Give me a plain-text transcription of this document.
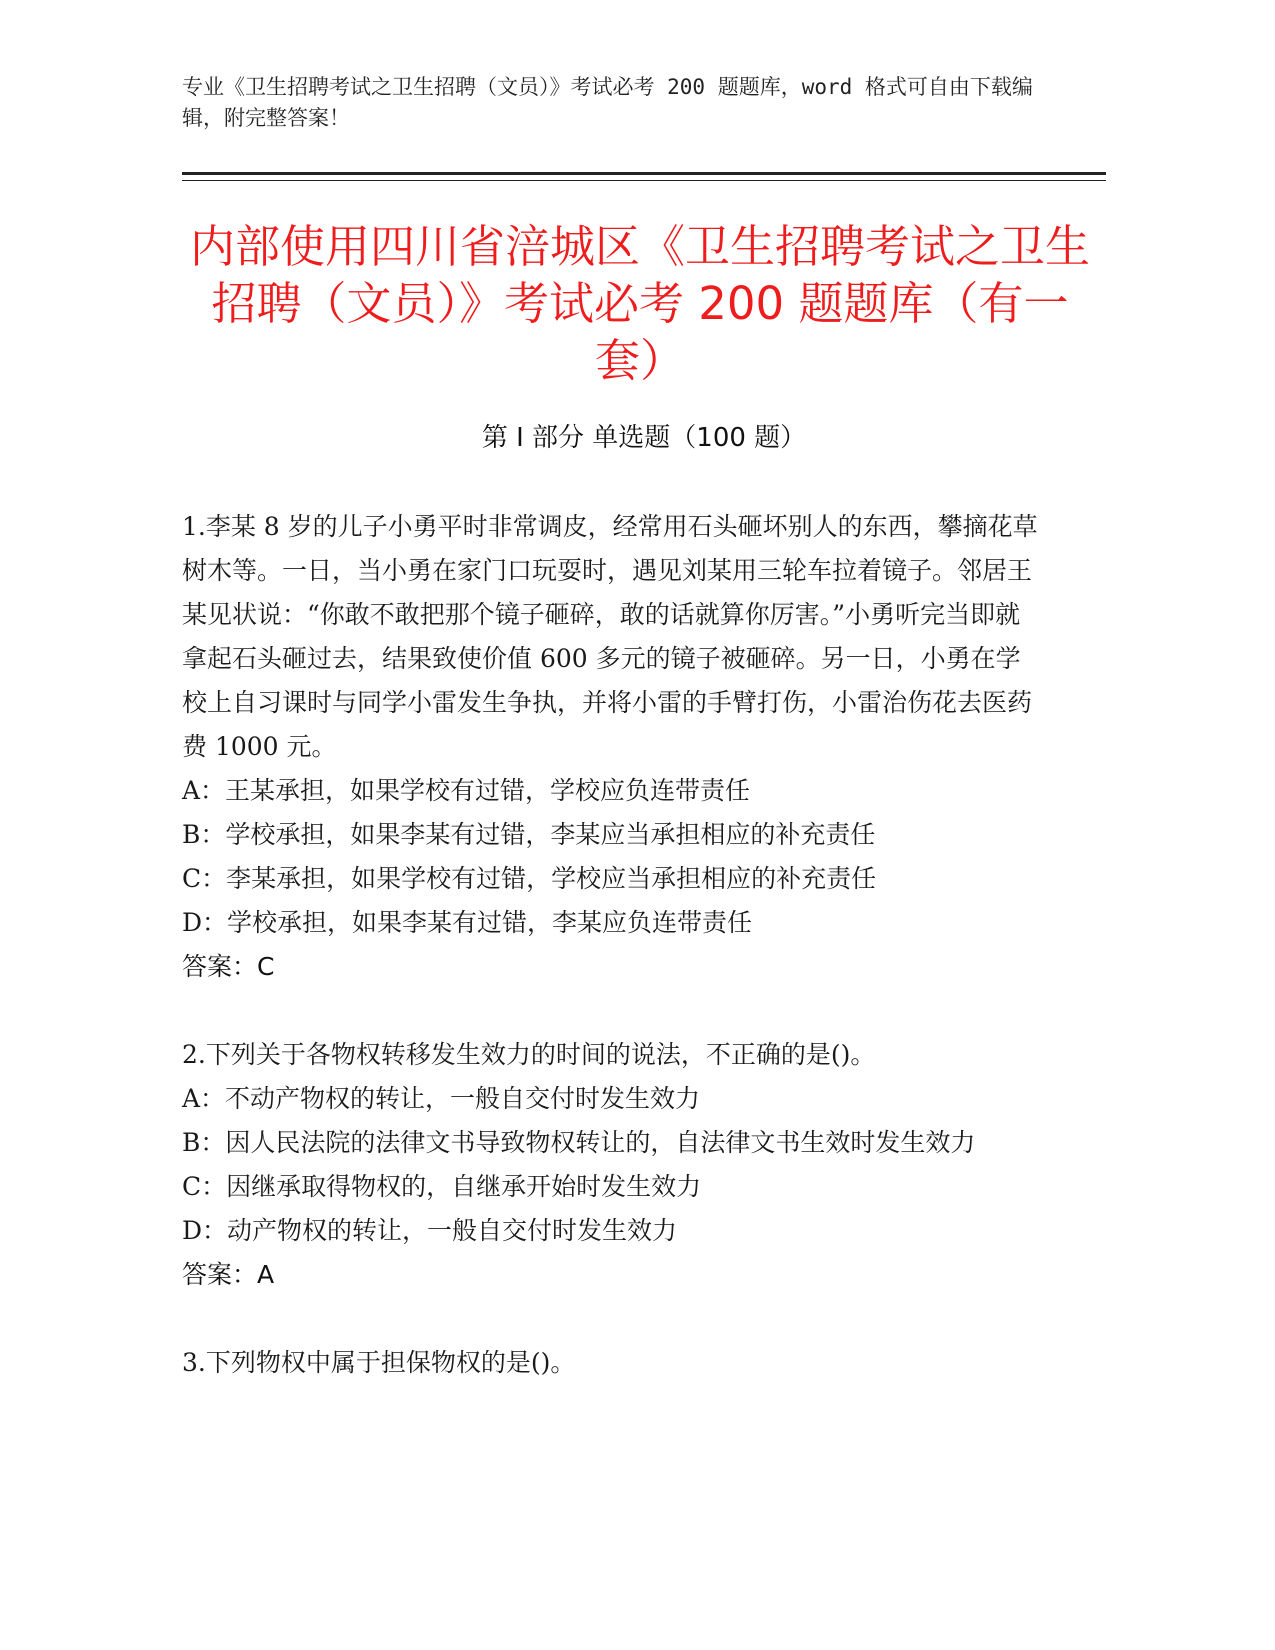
专业《卫生招聘考试之卫生招聘（文员）》考试必考 200 题题库，word 格式可自由下载编辑，附完整答案！
内部使用四川省涪城区《卫生招聘考试之卫生招聘（文员）》考试必考 200 题题库（有一套）
第 I 部分 单选题（100 题）

1.李某 8 岁的儿子小勇平时非常调皮，经常用石头砸坏别人的东西，攀摘花草树木等。一日，当小勇在家门口玩耍时，遇见刘某用三轮车拉着镜子。邻居王某见状说：“你敢不敢把那个镜子砸碎，敢的话就算你厉害。”小勇听完当即就拿起石头砸过去，结果致使价值 600 多元的镜子被砸碎。另一日，小勇在学校上自习课时与同学小雷发生争执，并将小雷的手臂打伤，小雷治伤花去医药费 1000 元。

A：王某承担，如果学校有过错，学校应负连带责任

B：学校承担，如果李某有过错，李某应当承担相应的补充责任

C：李某承担，如果学校有过错，学校应当承担相应的补充责任

D：学校承担，如果李某有过错，李某应负连带责任

答案：C

2.下列关于各物权转移发生效力的时间的说法，不正确的是()。

A：不动产物权的转让，一般自交付时发生效力

B：因人民法院的法律文书导致物权转让的，自法律文书生效时发生效力

C：因继承取得物权的，自继承开始时发生效力

D：动产物权的转让，一般自交付时发生效力

答案：A

3.下列物权中属于担保物权的是()。
